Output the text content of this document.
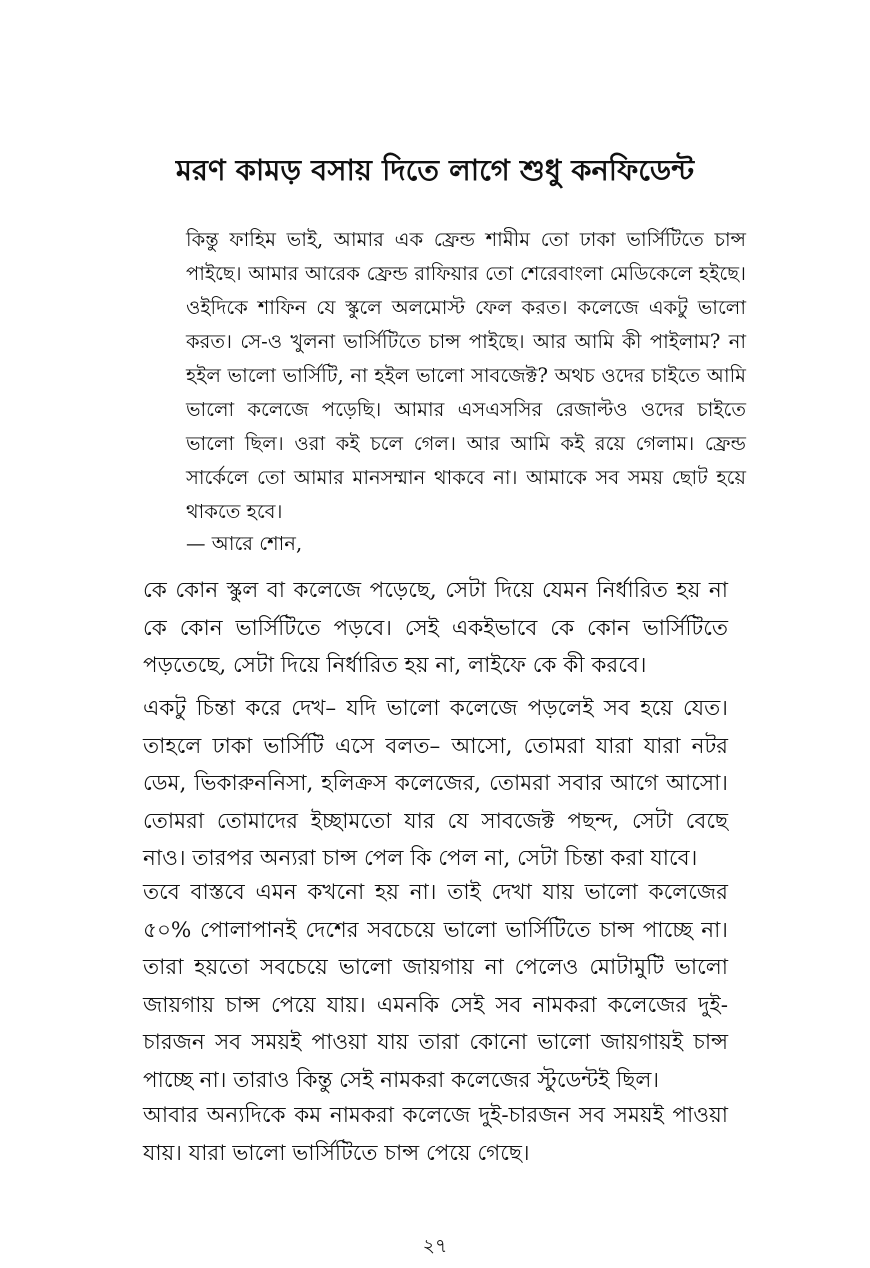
মরণ কামড় বসায় দিতে লাগে শুধু কনফিডেন্ট

কিন্তু ফাহিম ভাই, আমার এক ফ্রেন্ড শামীম তো ঢাকা ভার্সিটিতে চান্স পাইছে। আমার আরেক ফ্রেন্ড রাফিয়ার তো শেরেবাংলা মেডিকেলে হইছে। ওইদিকে শাফিন যে স্কুলে অলমোস্ট ফেল করত। কলেজে একটু ভালো করত। সে-ও খুলনা ভার্সিটিতে চান্স পাইছে। আর আমি কী পাইলাম? না হইল ভালো ভার্সিটি, না হইল ভালো সাবজেক্ট? অথচ ওদের চাইতে আমি ভালো কলেজে পড়েছি। আমার এসএসসির রেজাল্টও ওদের চাইতে ভালো ছিল। ওরা কই চলে গেল। আর আমি কই রয়ে গেলাম। ফ্রেন্ড সার্কেলে তো আমার মানসম্মান থাকবে না। আমাকে সব সময় ছোট হয়ে থাকতে হবে।

— আরে শোন,

কে কোন স্কুল বা কলেজে পড়েছে, সেটা দিয়ে যেমন নির্ধারিত হয় না কে কোন ভার্সিটিতে পড়বে। সেই একইভাবে কে কোন ভার্সিটিতে পড়তেছে, সেটা দিয়ে নির্ধারিত হয় না, লাইফে কে কী করবে।

একটু চিন্তা করে দেখ– যদি ভালো কলেজে পড়লেই সব হয়ে যেত। তাহলে ঢাকা ভার্সিটি এসে বলত– আসো, তোমরা যারা যারা নটর ডেম, ভিকারুননিসা, হলিক্রস কলেজের, তোমরা সবার আগে আসো। তোমরা তোমাদের ইচ্ছামতো যার যে সাবজেক্ট পছন্দ, সেটা বেছে নাও। তারপর অন্যরা চান্স পেল কি পেল না, সেটা চিন্তা করা যাবে।

তবে বাস্তবে এমন কখনো হয় না। তাই দেখা যায় ভালো কলেজের ৫০% পোলাপানই দেশের সবচেয়ে ভালো ভার্সিটিতে চান্স পাচ্ছে না। তারা হয়তো সবচেয়ে ভালো জায়গায় না পেলেও মোটামুটি ভালো জায়গায় চান্স পেয়ে যায়। এমনকি সেই সব নামকরা কলেজের দুই-চারজন সব সময়ই পাওয়া যায় তারা কোনো ভালো জায়গায়ই চান্স পাচ্ছে না। তারাও কিন্তু সেই নামকরা কলেজের স্টুডেন্টই ছিল।

আবার অন্যদিকে কম নামকরা কলেজে দুই-চারজন সব সময়ই পাওয়া যায়। যারা ভালো ভার্সিটিতে চান্স পেয়ে গেছে।

২৭
